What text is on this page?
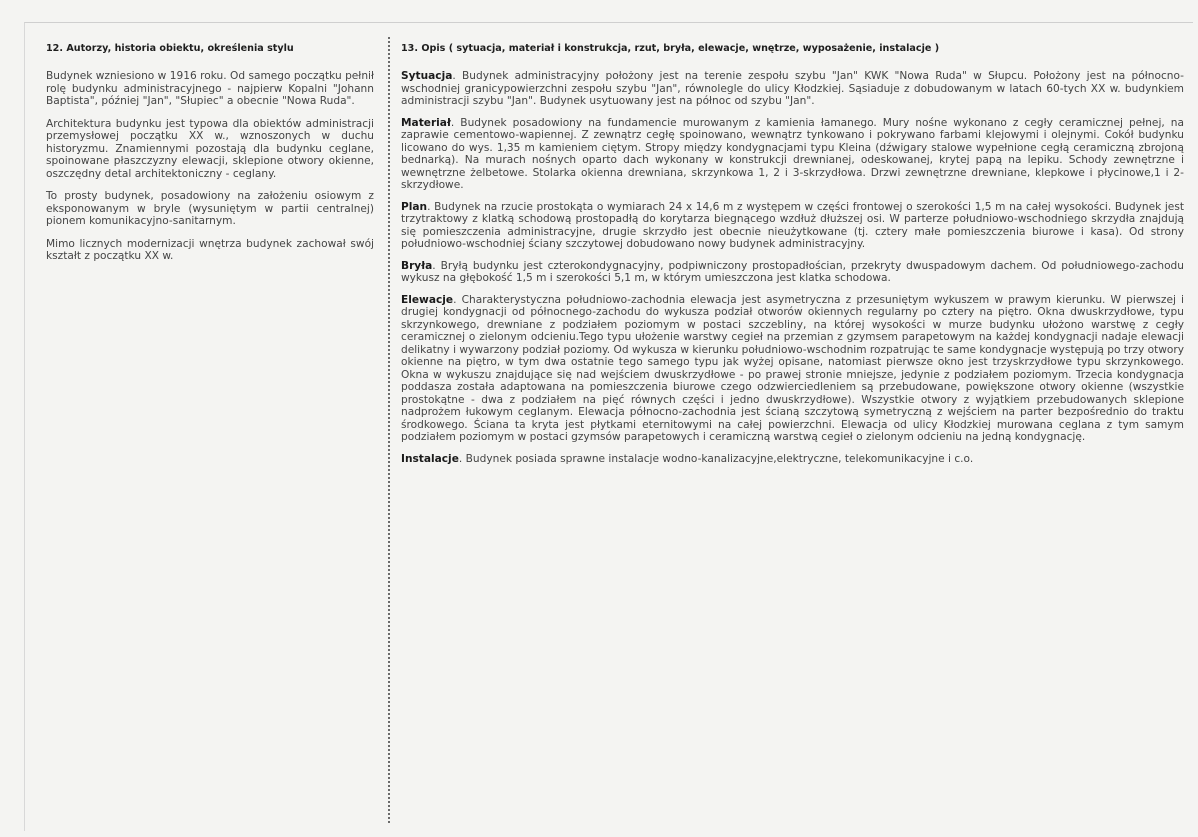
12. Autorzy, historia obiektu, określenia stylu

Budynek wzniesiono w 1916 roku. Od samego początku pełnił rolę budynku administracyjnego - najpierw Kopalni "Johann Baptista", później "Jan", "Słupiec" a obecnie "Nowa Ruda".

Architektura budynku jest typowa dla obiektów administracji przemysłowej początku XX w., wznoszonych w duchu historyzmu. Znamiennymi pozostają dla budynku ceglane, spoinowane płaszczyzny elewacji, sklepione otwory okienne, oszczędny detal architektoniczny - ceglany.

To prosty budynek, posadowiony na założeniu osiowym z eksponowanym w bryle (wysuniętym w partii centralnej) pionem komunikacyjno-sanitarnym.

Mimo licznych modernizacji wnętrza budynek zachował swój kształt z początku XX w.

13. Opis ( sytuacja, materiał i konstrukcja, rzut, bryła, elewacje, wnętrze, wyposażenie, instalacje )

Sytuacja. Budynek administracyjny położony jest na terenie zespołu szybu "Jan" KWK "Nowa Ruda" w Słupcu. Położony jest na północno-wschodniej granicypowierzchni zespołu szybu "Jan", równolegle do ulicy Kłodzkiej. Sąsiaduje z dobudowanym w latach 60-tych XX w. budynkiem administracji szybu "Jan". Budynek usytuowany jest na północ od szybu "Jan".

Materiał. Budynek posadowiony na fundamencie murowanym z kamienia łamanego. Mury nośne wykonano z cegły ceramicznej pełnej, na zaprawie cementowo-wapiennej. Z zewnątrz cegłę spoinowano, wewnątrz tynkowano i pokrywano farbami klejowymi i olejnymi. Cokół budynku licowano do wys. 1,35 m kamieniem ciętym. Stropy między kondygnacjami typu Kleina (dźwigary stalowe wypełnione cegłą ceramiczną zbrojoną bednarką). Na murach nośnych oparto dach wykonany w konstrukcji drewnianej, odeskowanej, krytej papą na lepiku. Schody zewnętrzne i wewnętrzne żelbetowe. Stolarka okienna drewniana, skrzynkowa 1, 2 i 3-skrzydłowa. Drzwi zewnętrzne drewniane, klepkowe i płycinowe,1 i 2-skrzydłowe.

Plan. Budynek na rzucie prostokąta o wymiarach 24 x 14,6 m z występem w części frontowej o szerokości 1,5 m na całej wysokości. Budynek jest trzytraktowy z klatką schodową prostopadłą do korytarza biegnącego wzdłuż dłuższej osi. W parterze południowo-wschodniego skrzydła znajdują się pomieszczenia administracyjne, drugie skrzydło jest obecnie nieużytkowane (tj. cztery małe pomieszczenia biurowe i kasa). Od strony południowo-wschodniej ściany szczytowej dobudowano nowy budynek administracyjny.

Bryła. Bryłą budynku jest czterokondygnacyjny, podpiwniczony prostopadłościan, przekryty dwuspadowym dachem. Od południowego-zachodu wykusz na głębokość 1,5 m i szerokości 5,1 m, w którym umieszczona jest klatka schodowa.

Elewacje. Charakterystyczna południowo-zachodnia elewacja jest asymetryczna z przesuniętym wykuszem w prawym kierunku. W pierwszej i drugiej kondygnacji od północnego-zachodu do wykusza podział otworów okiennych regularny po cztery na piętro. Okna dwuskrzydłowe, typu skrzynkowego, drewniane z podziałem poziomym w postaci szczebliny, na której wysokości w murze budynku ułożono warstwę z cegły ceramicznej o zielonym odcieniu.Tego typu ułożenie warstwy cegieł na przemian z gzymsem parapetowym na każdej kondygnacji nadaje elewacji delikatny i wywarzony podział poziomy. Od wykusza w kierunku południowo-wschodnim rozpatrując te same kondygnacje występują po trzy otwory okienne na piętro, w tym dwa ostatnie tego samego typu jak wyżej opisane, natomiast pierwsze okno jest trzyskrzydłowe typu skrzynkowego. Okna w wykuszu znajdujące się nad wejściem dwuskrzydłowe - po prawej stronie mniejsze, jedynie z podziałem poziomym. Trzecia kondygnacja poddasza została adaptowana na pomieszczenia biurowe czego odzwierciedleniem są przebudowane, powiększone otwory okienne (wszystkie prostokątne - dwa z podziałem na pięć równych części i jedno dwuskrzydłowe). Wszystkie otwory z wyjątkiem przebudowanych sklepione nadprożem łukowym ceglanym. Elewacja północno-zachodnia jest ścianą szczytową symetryczną z wejściem na parter bezpośrednio do traktu środkowego. Ściana ta kryta jest płytkami eternitowymi na całej powierzchni. Elewacja od ulicy Kłodzkiej murowana ceglana z tym samym podziałem poziomym w postaci gzymsów parapetowych i ceramiczną warstwą cegieł o zielonym odcieniu na jedną kondygnację.

Instalacje. Budynek posiada sprawne instalacje wodno-kanalizacyjne,elektryczne, telekomunikacyjne i c.o.
